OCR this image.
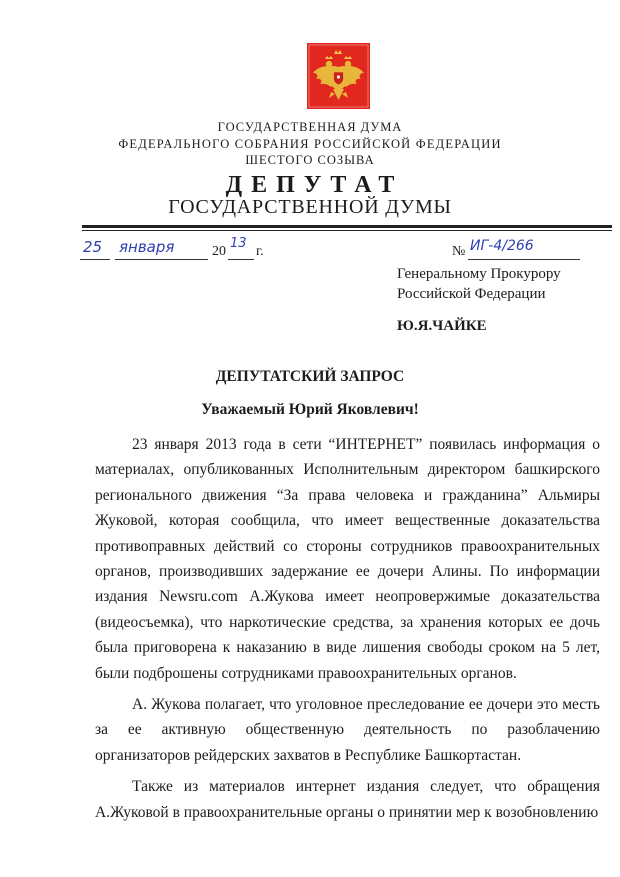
ГОСУДАРСТВЕННАЯ ДУМА
ФЕДЕРАЛЬНОГО СОБРАНИЯ РОССИЙСКОЙ ФЕДЕРАЦИИ
ШЕСТОГО СОЗЫВА
ДЕПУТАТ
ГОСУДАРСТВЕННОЙ ДУМЫ
25 января	20
13
г.	№ ИГ-4/266
Генеральному Прокурору
Российской Федерации
Ю.Я.ЧАЙКЕ
ДЕПУТАТСКИЙ ЗАПРОС
Уважаемый Юрий Яковлевич!

23 января 2013 года в сети “ИНТЕРНЕТ” появилась информация о материалах, опубликованных Исполнительным директором башкирского регионального движения “За права человека и гражданина” Альмиры Жуковой, которая сообщила, что имеет вещественные доказательства противоправных действий со стороны сотрудников правоохранительных органов, производивших задержание ее дочери Алины. По информации издания Newsru.com А.Жукова имеет неопровержимые доказательства (видеосъемка), что наркотические средства, за хранения которых ее дочь была приговорена к наказанию в виде лишения свободы сроком на 5 лет, были подброшены сотрудниками правоохранительных органов.

А. Жукова полагает, что уголовное преследование ее дочери это месть за ее активную общественную деятельность по разоблачению организаторов рейдерских захватов в Республике Башкортастан.

Также из материалов интернет издания следует, что обращения А.Жуковой в правоохранительные органы о принятии мер к возобновлению
